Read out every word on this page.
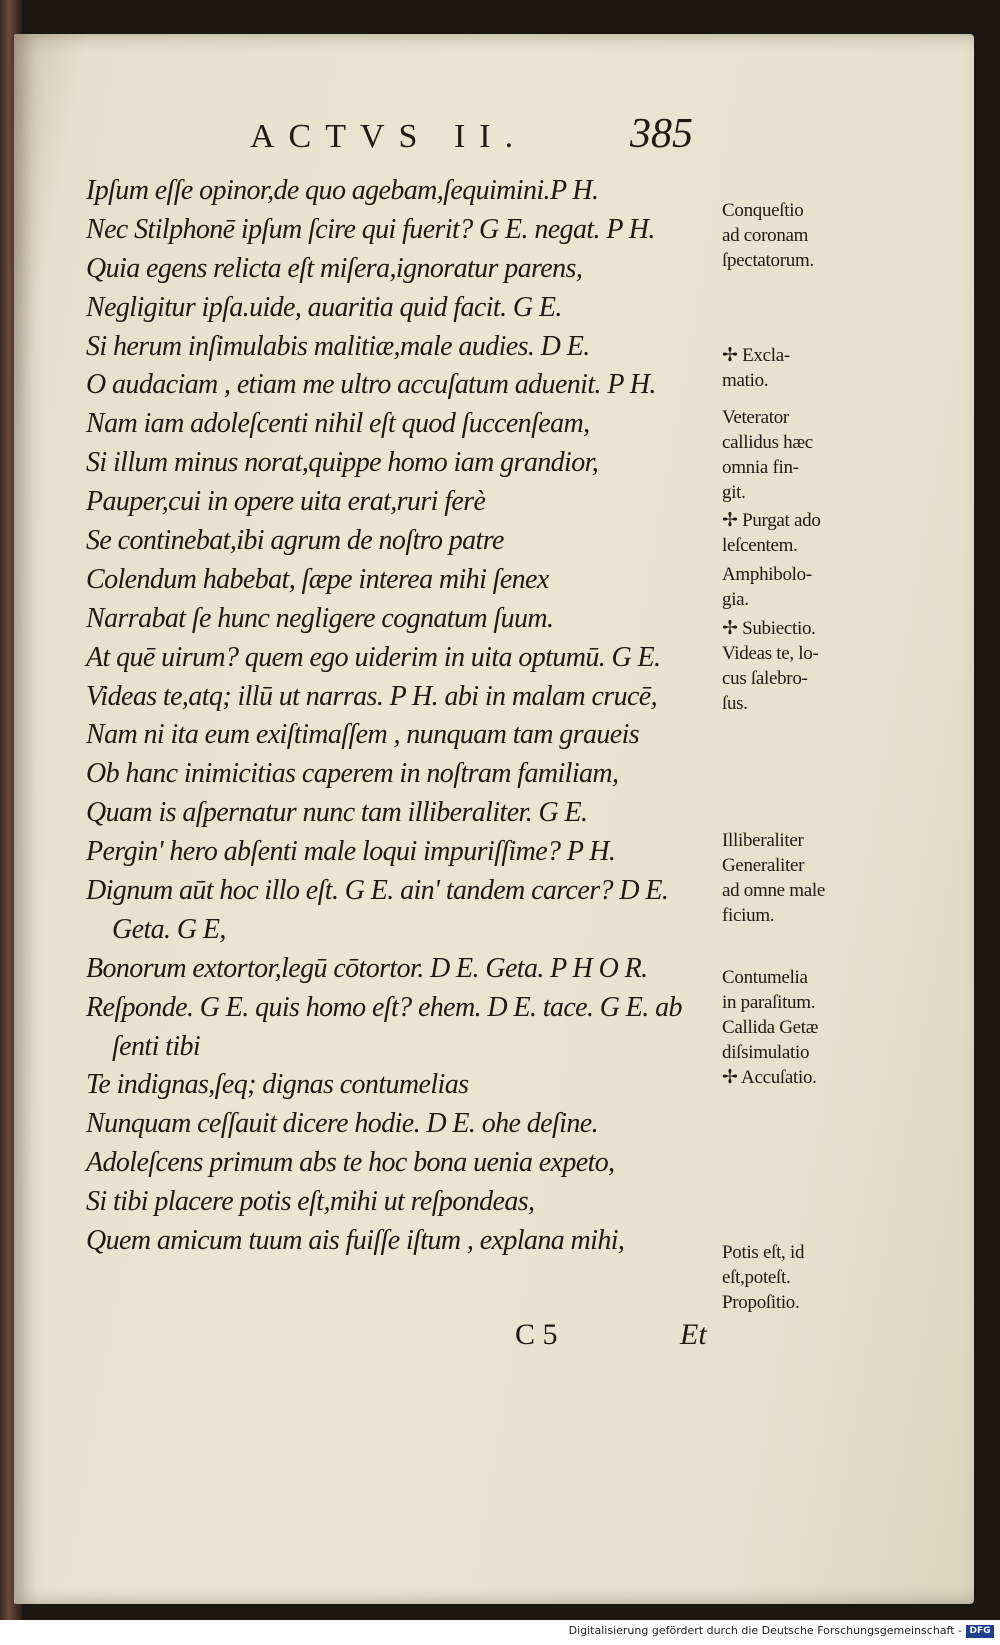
ACTVS II. 385
Ipſum eſſe opinor,de quo agebam,ſequimini.P H.
Nec Stilphonē ipſum ſcire qui fuerit? G E. negat. P H.
Quia egens relicta eſt miſera,ignoratur parens,
Negligitur ipſa.uide, auaritia quid facit. G E.
Si herum inſimulabis malitiæ,male audies. D E.
O audaciam , etiam me ultro accuſatum aduenit. P H.
Nam iam adoleſcenti nihil eſt quod ſuccenſeam,
Si illum minus norat,quippe homo iam grandior,
Pauper,cui in opere uita erat,ruri ferè
Se continebat,ibi agrum de noſtro patre
Colendum habebat, ſæpe interea mihi ſenex
Narrabat ſe hunc negligere cognatum ſuum.
At quē uirum? quem ego uiderim in uita optumū. G E.
Videas te,atq; illū ut narras. P H. abi in malam crucē,
Nam ni ita eum exiſtimaſſem , nunquam tam graueis
Ob hanc inimicitias caperem in noſtram familiam,
Quam is aſpernatur nunc tam illiberaliter. G E.
Pergin' hero abſenti male loqui impuriſſime? P H.
Dignum aūt hoc illo eſt. G E. ain' tandem carcer? D E.
Geta. G E,
Bonorum extortor,legū cōtortor. D E. Geta. P H O R.
Reſponde. G E. quis homo eſt? ehem. D E. tace. G E. ab
ſenti tibi
Te indignas,ſeq; dignas contumelias
Nunquam ceſſauit dicere hodie. D E. ohe deſine.
Adoleſcens primum abs te hoc bona uenia expeto,
Si tibi placere potis eſt,mihi ut reſpondeas,
Quem amicum tuum ais fuiſſe iſtum , explana mihi,
Conqueſtio
ad coronam
ſpectatorum.
✢ Excla-
matio.
Veterator
callidus hæc
omnia fin-
git.
✢ Purgat ado
leſcentem.
Amphibolo-
gia.
✢ Subiectio.
Videas te, lo-
cus ſalebro-
ſus.
Illiberaliter
Generaliter
ad omne male
ficium.
Contumelia
in paraſitum.
Callida Getæ
diſsimulatio
✢ Accuſatio.
Potis eſt, id
eſt,poteſt.
Propoſitio.
C 5	Et
Digitalisierung gefördert durch die Deutsche Forschungsgemeinschaft - DFG
